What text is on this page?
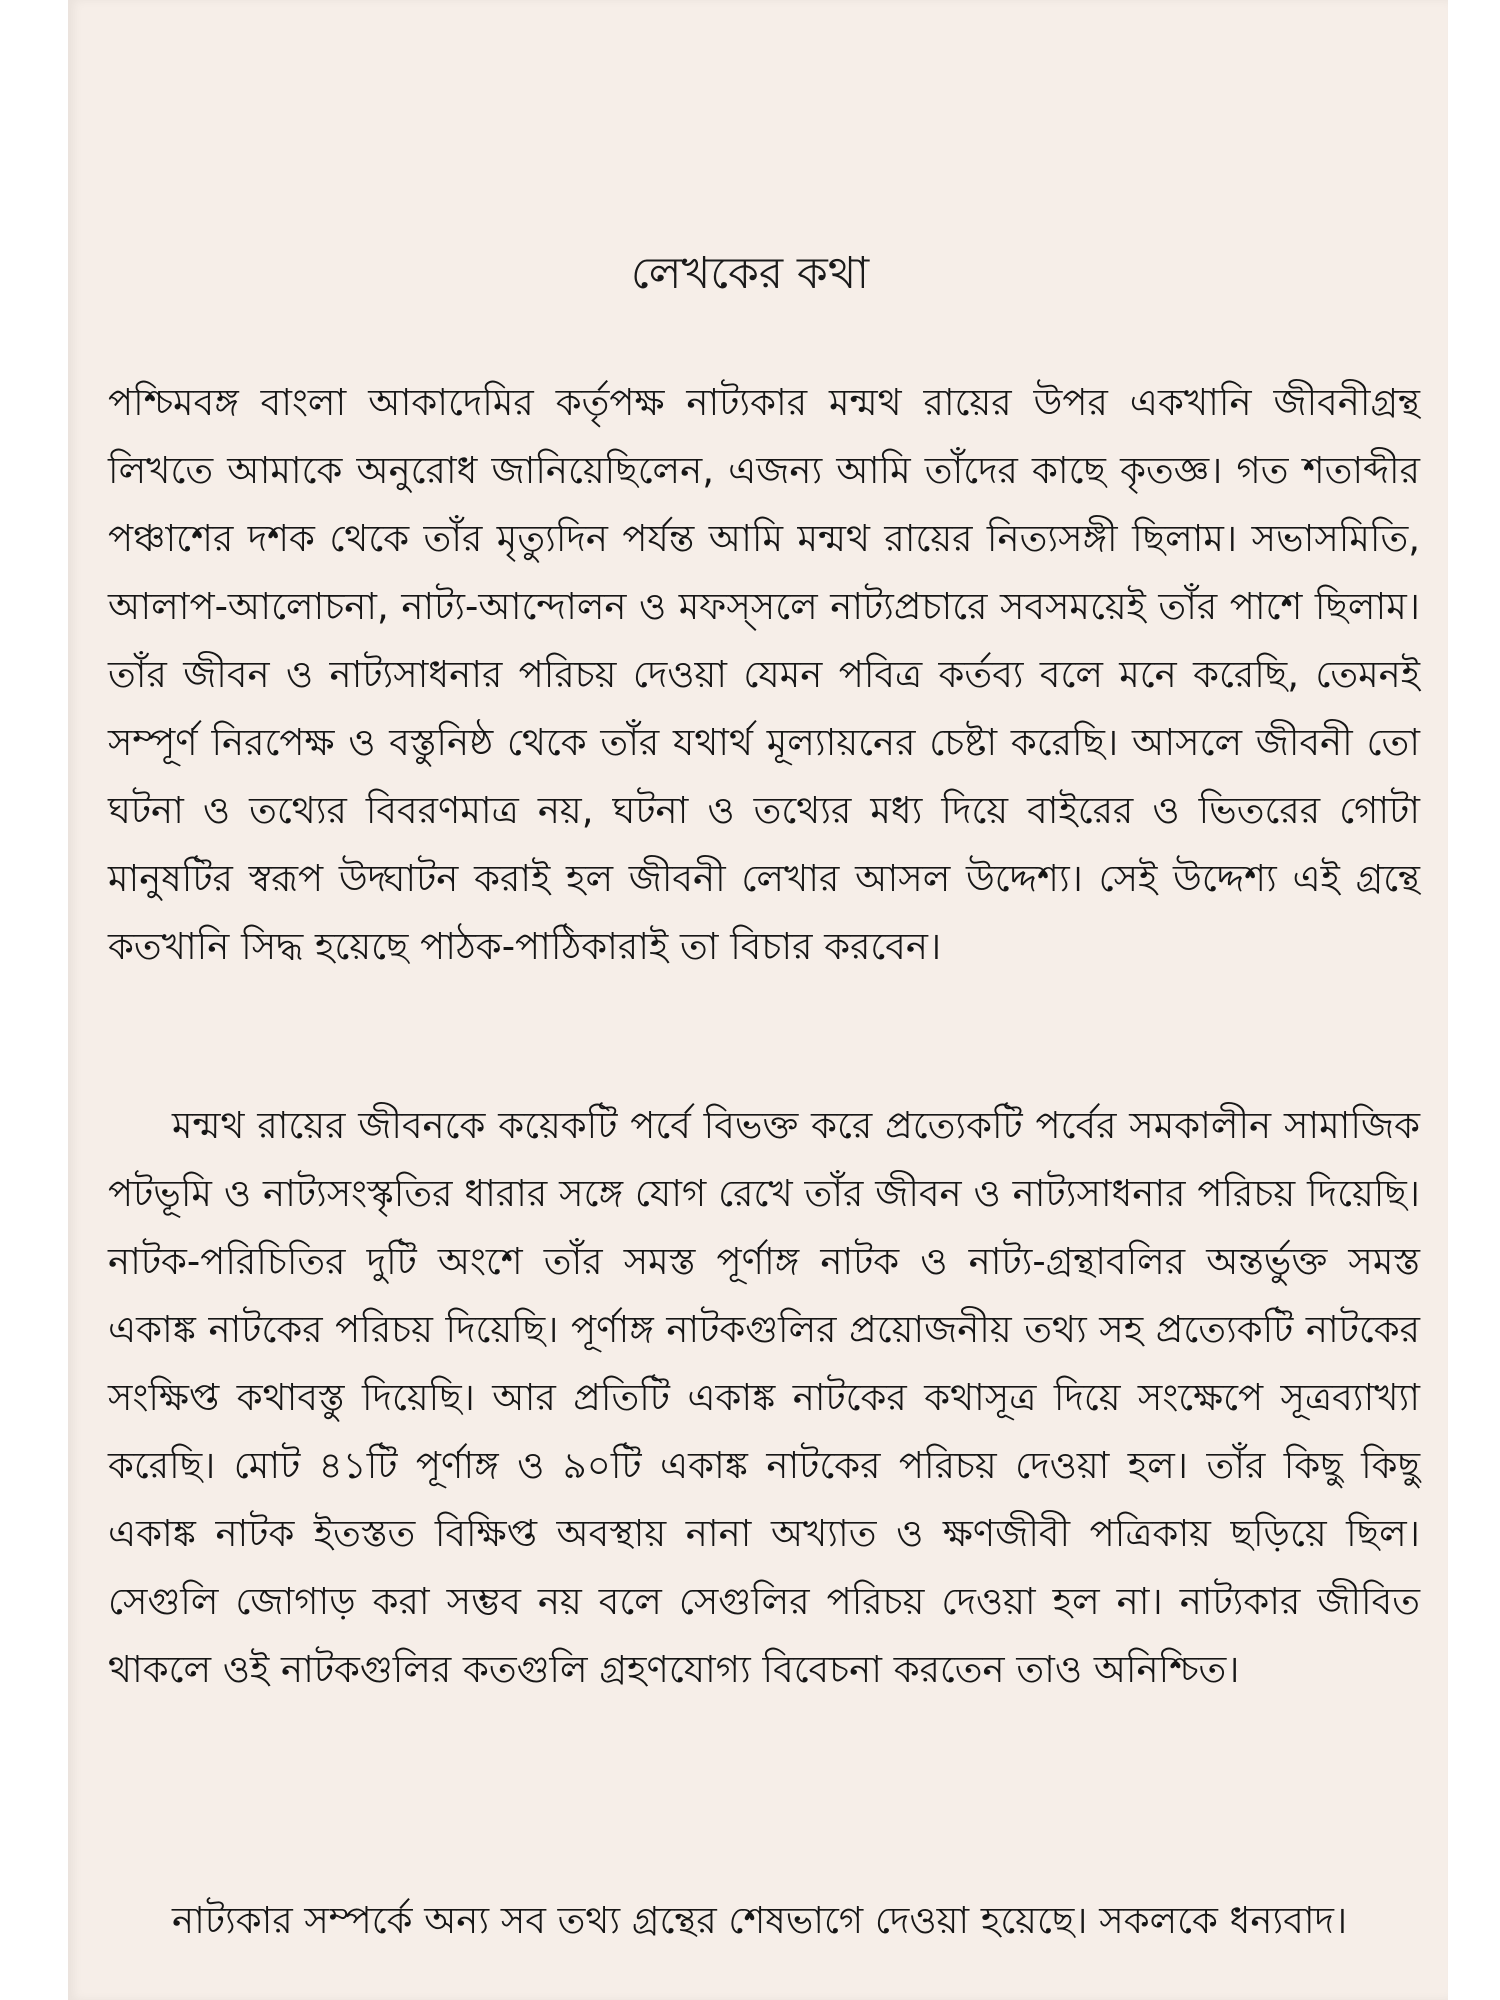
লেখকের কথা

পশ্চিমবঙ্গ বাংলা আকাদেমির কর্তৃপক্ষ নাট্যকার মন্মথ রায়ের উপর একখানি জীবনীগ্রন্থ লিখতে আমাকে অনুরোধ জানিয়েছিলেন, এজন্য আমি তাঁদের কাছে কৃতজ্ঞ। গত শতাব্দীর পঞ্চাশের দশক থেকে তাঁর মৃত্যুদিন পর্যন্ত আমি মন্মথ রায়ের নিত্যসঙ্গী ছিলাম। সভাসমিতি, আলাপ-আলোচনা, নাট্য-আন্দোলন ও মফস্সলে নাট্যপ্রচারে সবসময়েই তাঁর পাশে ছিলাম। তাঁর জীবন ও নাট্যসাধনার পরিচয় দেওয়া যেমন পবিত্র কর্তব্য বলে মনে করেছি, তেমনই সম্পূর্ণ নিরপেক্ষ ও বস্তুনিষ্ঠ থেকে তাঁর যথার্থ মূল্যায়নের চেষ্টা করেছি। আসলে জীবনী তো ঘটনা ও তথ্যের বিবরণমাত্র নয়, ঘটনা ও তথ্যের মধ্য দিয়ে বাইরের ও ভিতরের গোটা মানুষটির স্বরূপ উদ্ঘাটন করাই হল জীবনী লেখার আসল উদ্দেশ্য। সেই উদ্দেশ্য এই গ্রন্থে কতখানি সিদ্ধ হয়েছে পাঠক-পাঠিকারাই তা বিচার করবেন।

মন্মথ রায়ের জীবনকে কয়েকটি পর্বে বিভক্ত করে প্রত্যেকটি পর্বের সমকালীন সামাজিক পটভূমি ও নাট্যসংস্কৃতির ধারার সঙ্গে যোগ রেখে তাঁর জীবন ও নাট্যসাধনার পরিচয় দিয়েছি। নাটক-পরিচিতির দুটি অংশে তাঁর সমস্ত পূর্ণাঙ্গ নাটক ও নাট্য-গ্রন্থাবলির অন্তর্ভুক্ত সমস্ত একাঙ্ক নাটকের পরিচয় দিয়েছি। পূর্ণাঙ্গ নাটকগুলির প্রয়োজনীয় তথ্য সহ প্রত্যেকটি নাটকের সংক্ষিপ্ত কথাবস্তু দিয়েছি। আর প্রতিটি একাঙ্ক নাটকের কথাসূত্র দিয়ে সংক্ষেপে সূত্রব্যাখ্যা করেছি। মোট ৪১টি পূর্ণাঙ্গ ও ৯০টি একাঙ্ক নাটকের পরিচয় দেওয়া হল। তাঁর কিছু কিছু একাঙ্ক নাটক ইতস্তত বিক্ষিপ্ত অবস্থায় নানা অখ্যাত ও ক্ষণজীবী পত্রিকায় ছড়িয়ে ছিল। সেগুলি জোগাড় করা সম্ভব নয় বলে সেগুলির পরিচয় দেওয়া হল না। নাট্যকার জীবিত থাকলে ওই নাটকগুলির কতগুলি গ্রহণযোগ্য বিবেচনা করতেন তাও অনিশ্চিত।

নাট্যকার সম্পর্কে অন্য সব তথ্য গ্রন্থের শেষভাগে দেওয়া হয়েছে। সকলকে ধন্যবাদ।
